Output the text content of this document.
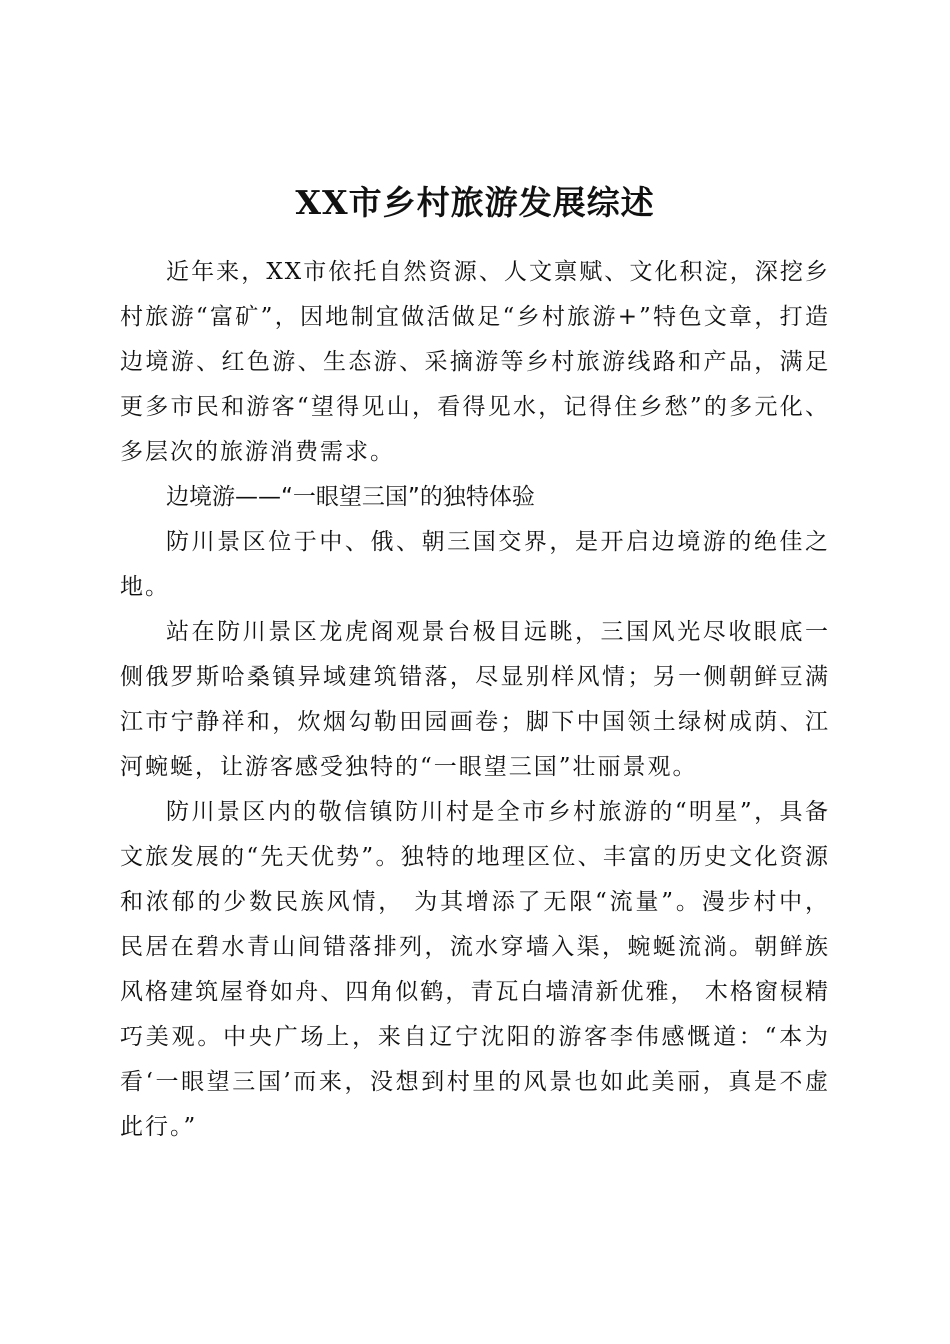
XX市乡村旅游发展综述

近年来，XX市依托自然资源、人文禀赋、文化积淀，深挖乡村旅游“富矿”，因地制宜做活做足“乡村旅游+”特色文章，打造边境游、红色游、生态游、采摘游等乡村旅游线路和产品，满足更多市民和游客“望得见山，看得见水，记得住乡愁”的多元化、多层次的旅游消费需求。

边境游——“一眼望三国”的独特体验

防川景区位于中、俄、朝三国交界，是开启边境游的绝佳之地。

站在防川景区龙虎阁观景台极目远眺，三国风光尽收眼底一侧俄罗斯哈桑镇异域建筑错落，尽显别样风情；另一侧朝鲜豆满江市宁静祥和，炊烟勾勒田园画卷；脚下中国领土绿树成荫、江河蜿蜒，让游客感受独特的“一眼望三国”壮丽景观。

防川景区内的敬信镇防川村是全市乡村旅游的“明星”，具备文旅发展的“先天优势”。独特的地理区位、丰富的历史文化资源和浓郁的少数民族风情， 为其增添了无限“流量”。漫步村中，民居在碧水青山间错落排列，流水穿墙入渠，蜿蜒流淌。朝鲜族风格建筑屋脊如舟、四角似鹤，青瓦白墙清新优雅， 木格窗棂精巧美观。中央广场上，来自辽宁沈阳的游客李伟感慨道：“本为看‘一眼望三国’而来，没想到村里的风景也如此美丽，真是不虚此行。”
